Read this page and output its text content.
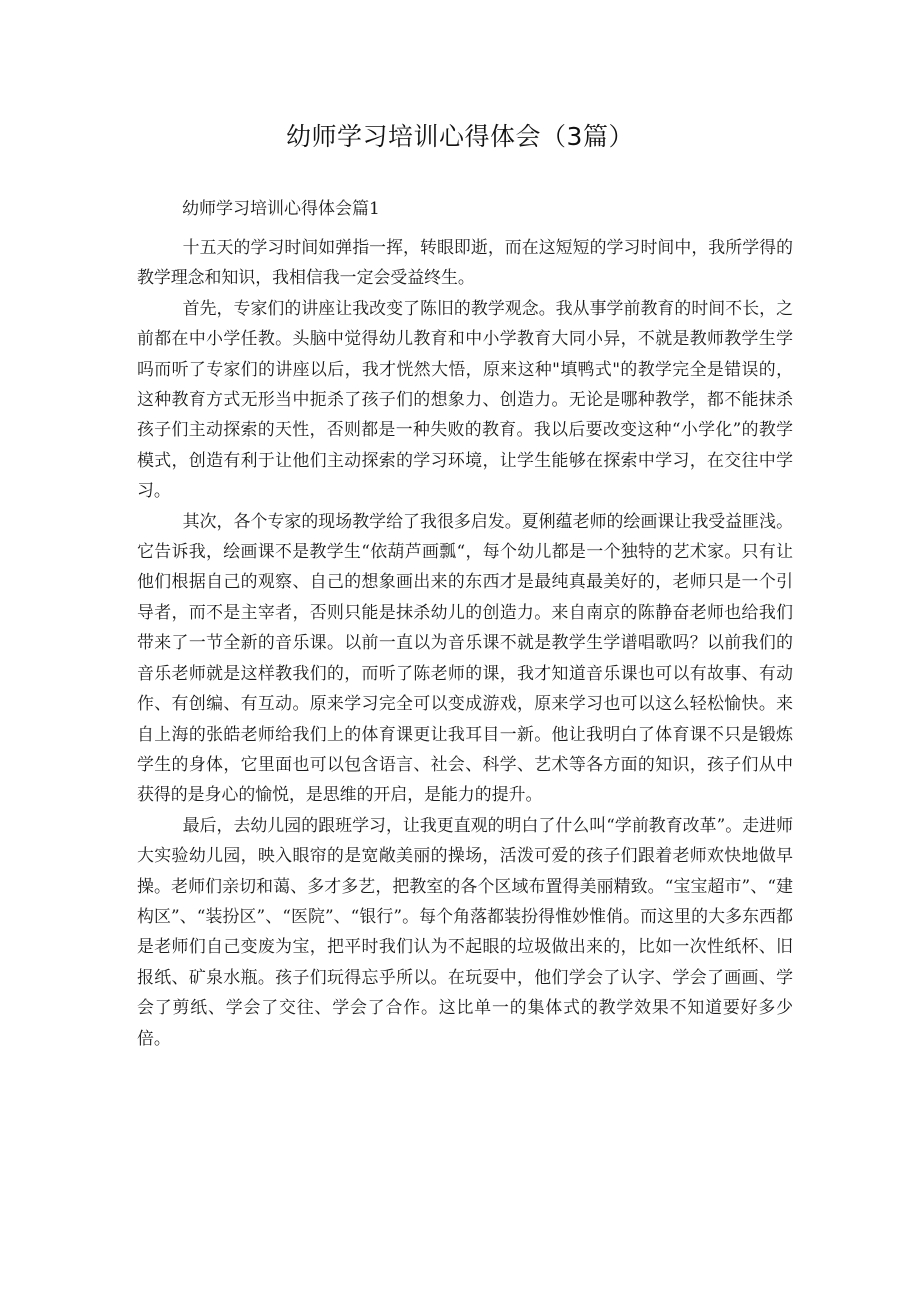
幼师学习培训心得体会（3篇）
幼师学习培训心得体会篇1

十五天的学习时间如弹指一挥，转眼即逝，而在这短短的学习时间中，我所学得的教学理念和知识，我相信我一定会受益终生。

首先，专家们的讲座让我改变了陈旧的教学观念。我从事学前教育的时间不长，之前都在中小学任教。头脑中觉得幼儿教育和中小学教育大同小异，不就是教师教学生学吗而听了专家们的讲座以后，我才恍然大悟，原来这种"填鸭式"的教学完全是错误的，这种教育方式无形当中扼杀了孩子们的想象力、创造力。无论是哪种教学，都不能抹杀孩子们主动探索的天性，否则都是一种失败的教育。我以后要改变这种“小学化”的教学模式，创造有利于让他们主动探索的学习环境，让学生能够在探索中学习，在交往中学习。

其次，各个专家的现场教学给了我很多启发。夏俐蕴老师的绘画课让我受益匪浅。它告诉我，绘画课不是教学生“依葫芦画瓢“，每个幼儿都是一个独特的艺术家。只有让他们根据自己的观察、自己的想象画出来的东西才是最纯真最美好的，老师只是一个引导者，而不是主宰者，否则只能是抹杀幼儿的创造力。来自南京的陈静奋老师也给我们带来了一节全新的音乐课。以前一直以为音乐课不就是教学生学谱唱歌吗？以前我们的音乐老师就是这样教我们的，而听了陈老师的课，我才知道音乐课也可以有故事、有动作、有创编、有互动。原来学习完全可以变成游戏，原来学习也可以这么轻松愉快。来自上海的张皓老师给我们上的体育课更让我耳目一新。他让我明白了体育课不只是锻炼学生的身体，它里面也可以包含语言、社会、科学、艺术等各方面的知识，孩子们从中获得的是身心的愉悦，是思维的开启，是能力的提升。

最后，去幼儿园的跟班学习，让我更直观的明白了什么叫“学前教育改革”。走进师大实验幼儿园，映入眼帘的是宽敞美丽的操场，活泼可爱的孩子们跟着老师欢快地做早操。老师们亲切和蔼、多才多艺，把教室的各个区域布置得美丽精致。“宝宝超市”、“建构区”、“装扮区”、“医院”、“银行”。每个角落都装扮得惟妙惟俏。而这里的大多东西都是老师们自己变废为宝，把平时我们认为不起眼的垃圾做出来的，比如一次性纸杯、旧报纸、矿泉水瓶。孩子们玩得忘乎所以。在玩耍中，他们学会了认字、学会了画画、学会了剪纸、学会了交往、学会了合作。这比单一的集体式的教学效果不知道要好多少倍。
